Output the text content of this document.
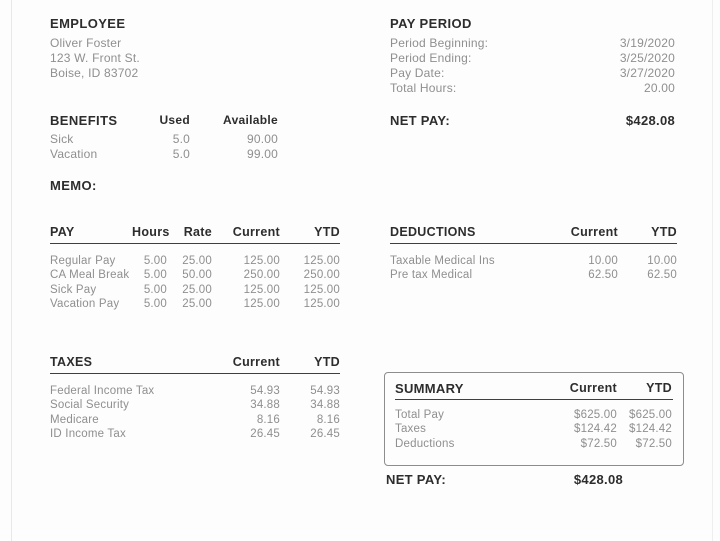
EMPLOYEE
Oliver Foster
123 W. Front St.
Boise, ID 83702
PAY PERIOD
Period Beginning:	3/19/2020
Period Ending:	3/25/2020
Pay Date:	3/27/2020
Total Hours:	20.00
BENEFITS	Used	Available
Sick	5.0	90.00
Vacation	5.0	99.00
NET PAY:	$428.08
MEMO:
PAY	Hours	Rate	Current	YTD
Regular Pay	5.00	25.00	125.00	125.00
CA Meal Break	5.00	50.00	250.00	250.00
Sick Pay	5.00	25.00	125.00	125.00
Vacation Pay	5.00	25.00	125.00	125.00
DEDUCTIONS	Current	YTD
Taxable Medical Ins	10.00	10.00
Pre tax Medical	62.50	62.50
TAXES	Current	YTD
Federal Income Tax	54.93	54.93
Social Security	34.88	34.88
Medicare	8.16	8.16
ID Income Tax	26.45	26.45
SUMMARY	Current	YTD
Total Pay	$625.00	$625.00
Taxes	$124.42	$124.42
Deductions	$72.50	$72.50
NET PAY:	$428.08
